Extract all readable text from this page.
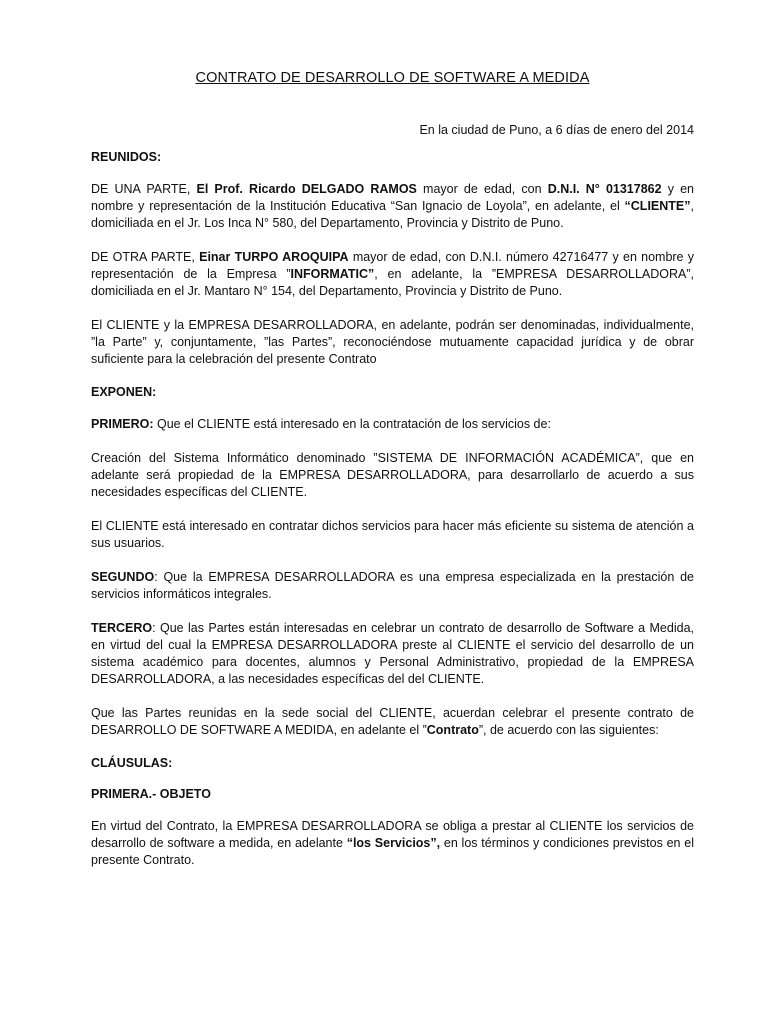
CONTRATO DE DESARROLLO DE SOFTWARE A MEDIDA
En la ciudad de Puno, a 6 días de enero del 2014
REUNIDOS:

DE UNA PARTE, El Prof. Ricardo DELGADO RAMOS mayor de edad, con D.N.I. N° 01317862 y en nombre y representación de la Institución Educativa “San Ignacio de Loyola”, en adelante, el “CLIENTE”, domiciliada en el Jr. Los Inca N° 580, del Departamento, Provincia y Distrito de Puno.

DE OTRA PARTE, Einar TURPO AROQUIPA mayor de edad, con D.N.I. número 42716477 y en nombre y representación de la Empresa ”INFORMATIC”, en adelante, la ”EMPRESA DESARROLLADORA”, domiciliada en el Jr. Mantaro N° 154, del Departamento, Provincia y Distrito de Puno.

El CLIENTE y la EMPRESA DESARROLLADORA, en adelante, podrán ser denominadas, individualmente, ”la Parte” y, conjuntamente, ”las Partes”, reconociéndose mutuamente capacidad jurídica y de obrar suficiente para la celebración del presente Contrato

EXPONEN:

PRIMERO: Que el CLIENTE está interesado en la contratación de los servicios de:

Creación del Sistema Informático denominado ”SISTEMA DE INFORMACIÓN ACADÉMICA”, que en adelante será propiedad de la EMPRESA DESARROLLADORA, para desarrollarlo de acuerdo a sus necesidades específicas del CLIENTE.

El CLIENTE está interesado en contratar dichos servicios para hacer más eficiente su sistema de atención a sus usuarios.

SEGUNDO: Que la EMPRESA DESARROLLADORA es una empresa especializada en la prestación de servicios informáticos integrales.

TERCERO: Que las Partes están interesadas en celebrar un contrato de desarrollo de Software a Medida, en virtud del cual la EMPRESA DESARROLLADORA preste al CLIENTE el servicio del desarrollo de un sistema académico para docentes, alumnos y Personal Administrativo, propiedad de la EMPRESA DESARROLLADORA, a las necesidades específicas del del CLIENTE.

Que las Partes reunidas en la sede social del CLIENTE, acuerdan celebrar el presente contrato de DESARROLLO DE SOFTWARE A MEDIDA, en adelante el ”Contrato”, de acuerdo con las siguientes:

CLÁUSULAS:
PRIMERA.- OBJETO

En virtud del Contrato, la EMPRESA DESARROLLADORA se obliga a prestar al CLIENTE los servicios de desarrollo de software a medida, en adelante “los Servicios”, en los términos y condiciones previstos en el presente Contrato.
